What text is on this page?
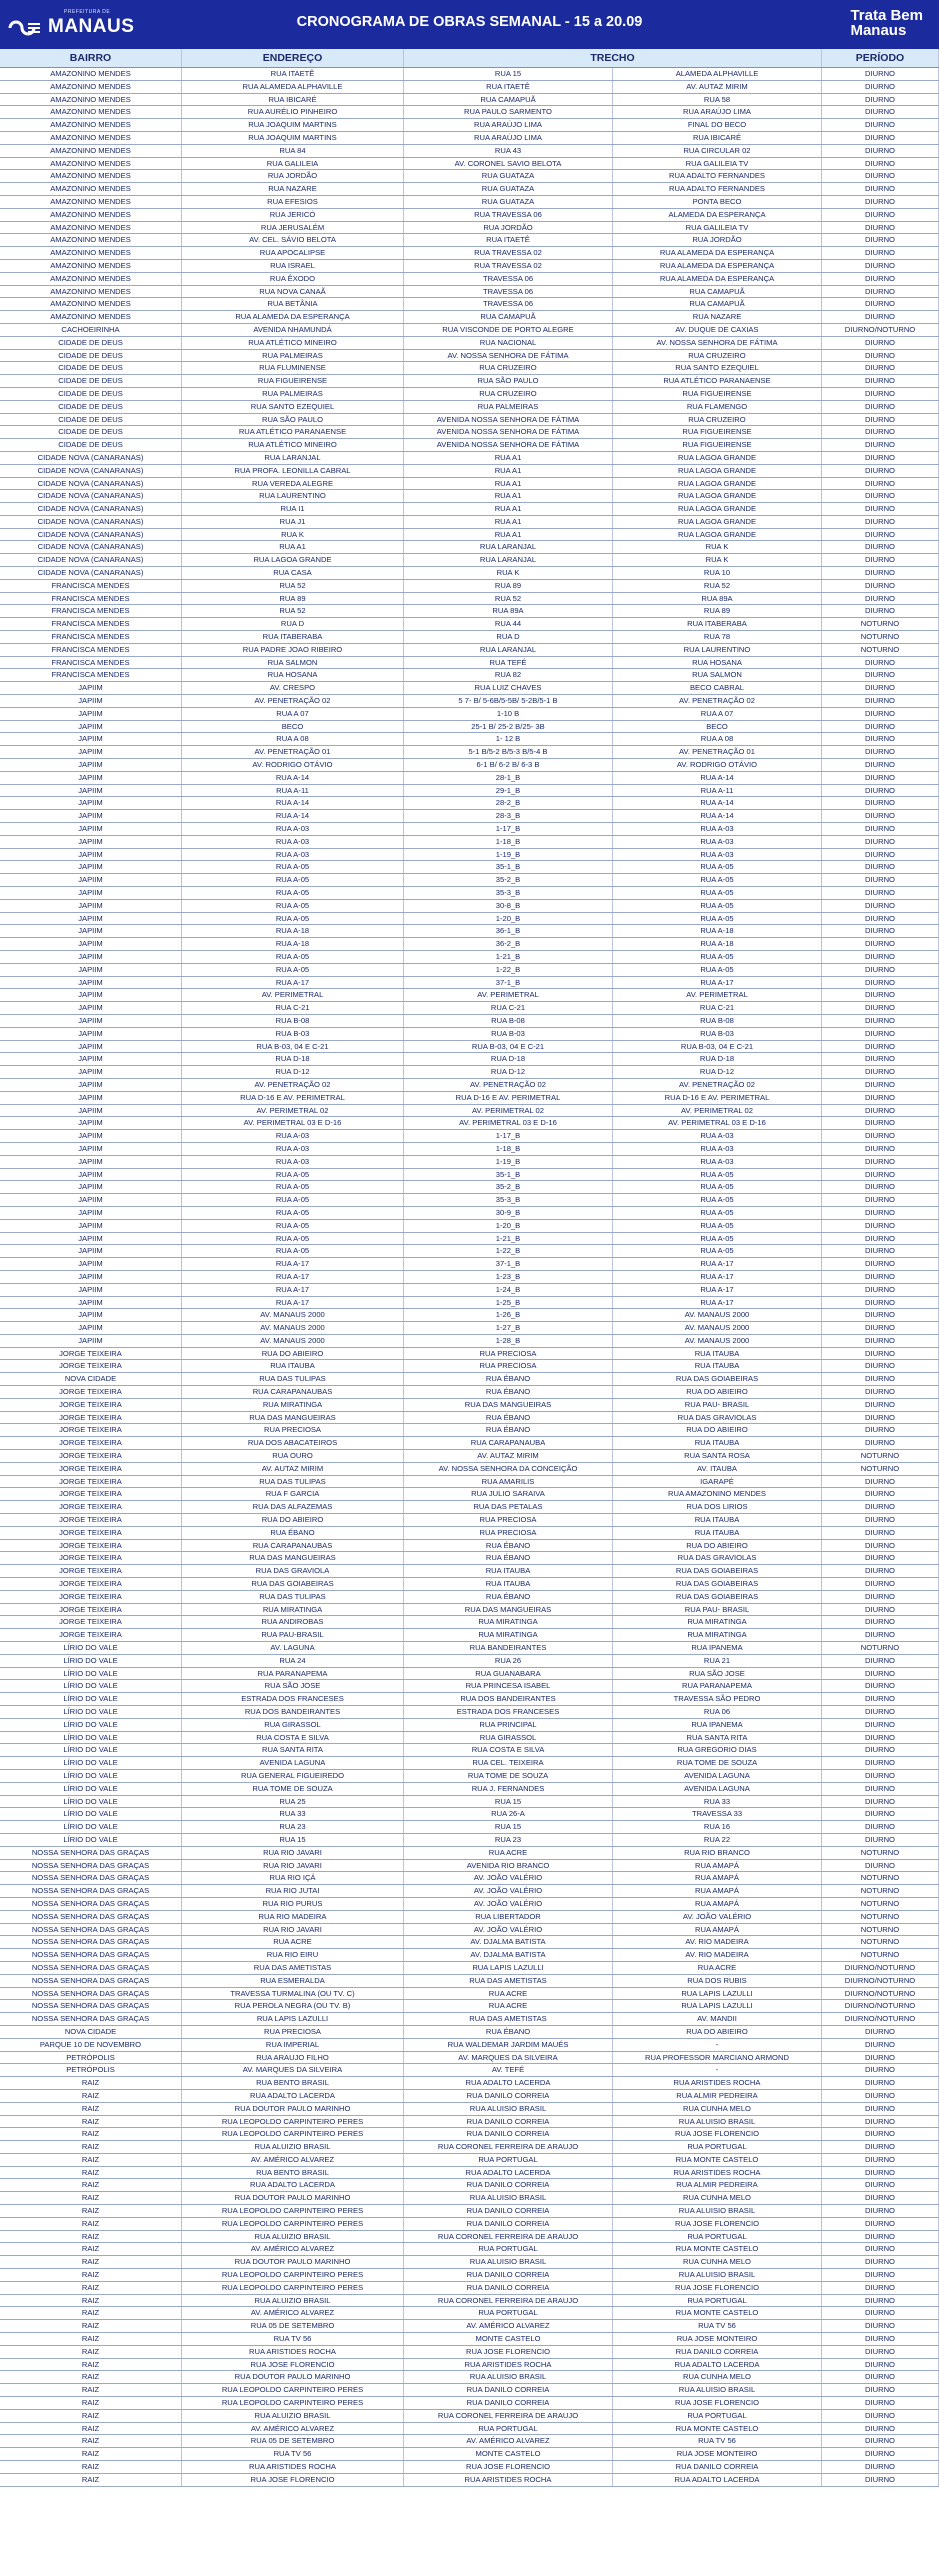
PREFEITURA DE
MANAUS	CRONOGRAMA DE OBRAS SEMANAL - 15 a 20.09	Trata Bem
Manaus
BAIRRO	ENDEREÇO	TRECHO	PERÍODO
AMAZONINO MENDES	RUA ITAETÊ	RUA 15	ALAMEDA ALPHAVILLE	DIURNO
AMAZONINO MENDES	RUA ALAMEDA ALPHAVILLE	RUA ITAETÊ	AV. AUTAZ MIRIM	DIURNO
AMAZONINO MENDES	RUA IBICARÉ	RUA CAMAPUÃ	RUA 58	DIURNO
AMAZONINO MENDES	RUA AURÉLIO PINHEIRO	RUA PAULO SARMENTO	RUA ARAÚJO LIMA	DIURNO
AMAZONINO MENDES	RUA JOAQUIM MARTINS	RUA ARAÚJO LIMA	FINAL DO BECO	DIURNO
AMAZONINO MENDES	RUA JOAQUIM MARTINS	RUA ARAÚJO LIMA	RUA IBICARÉ	DIURNO
AMAZONINO MENDES	RUA 84	RUA 43	RUA CIRCULAR 02	DIURNO
AMAZONINO MENDES	RUA GALILEIA	AV. CORONEL SAVIO BELOTA	RUA GALILEIA TV	DIURNO
AMAZONINO MENDES	RUA JORDÃO	RUA GUATAZA	RUA ADALTO FERNANDES	DIURNO
AMAZONINO MENDES	RUA NAZARE	RUA GUATAZA	RUA ADALTO FERNANDES	DIURNO
AMAZONINO MENDES	RUA EFESIOS	RUA GUATAZA	PONTA BECO	DIURNO
AMAZONINO MENDES	RUA JERICÓ	RUA TRAVESSA 06	ALAMEDA DA ESPERANÇA	DIURNO
AMAZONINO MENDES	RUA JERUSALÉM	RUA JORDÃO	RUA GALILEIA TV	DIURNO
AMAZONINO MENDES	AV. CEL. SÁVIO BELOTA	RUA ITAETÊ	RUA JORDÃO	DIURNO
AMAZONINO MENDES	RUA APOCALIPSE	RUA TRAVESSA 02	RUA ALAMEDA DA ESPERANÇA	DIURNO
AMAZONINO MENDES	RUA ISRAEL	RUA TRAVESSA 02	RUA ALAMEDA DA ESPERANÇA	DIURNO
AMAZONINO MENDES	RUA ÊXODO	TRAVESSA 06	RUA ALAMEDA DA ESPERANÇA	DIURNO
AMAZONINO MENDES	RUA NOVA CANAÃ	TRAVESSA 06	RUA CAMAPUÃ	DIURNO
AMAZONINO MENDES	RUA BETÂNIA	TRAVESSA 06	RUA CAMAPUÃ	DIURNO
AMAZONINO MENDES	RUA ALAMEDA DA ESPERANÇA	RUA CAMAPUÃ	RUA NAZARE	DIURNO
CACHOEIRINHA	AVENIDA NHAMUNDÁ	RUA VISCONDE DE PORTO ALEGRE	AV. DUQUE DE CAXIAS	DIURNO/NOTURNO
CIDADE DE DEUS	RUA ATLÉTICO MINEIRO	RUA NACIONAL	AV. NOSSA SENHORA DE FÁTIMA	DIURNO
CIDADE DE DEUS	RUA PALMEIRAS	AV. NOSSA SENHORA DE FÁTIMA	RUA CRUZEIRO	DIURNO
CIDADE DE DEUS	RUA FLUMINENSE	RUA CRUZEIRO	RUA SANTO EZEQUIEL	DIURNO
CIDADE DE DEUS	RUA FIGUEIRENSE	RUA SÃO PAULO	RUA ATLÉTICO PARANAENSE	DIURNO
CIDADE DE DEUS	RUA PALMEIRAS	RUA CRUZEIRO	RUA FIGUEIRENSE	DIURNO
CIDADE DE DEUS	RUA SANTO EZEQUIEL	RUA PALMEIRAS	RUA FLAMENGO	DIURNO
CIDADE DE DEUS	RUA SÃO PAULO	AVENIDA NOSSA SENHORA DE FÁTIMA	RUA CRUZEIRO	DIURNO
CIDADE DE DEUS	RUA ATLÉTICO PARANAENSE	AVENIDA NOSSA SENHORA DE FÁTIMA	RUA FIGUEIRENSE	DIURNO
CIDADE DE DEUS	RUA ATLÉTICO MINEIRO	AVENIDA NOSSA SENHORA DE FÁTIMA	RUA FIGUEIRENSE	DIURNO
CIDADE NOVA (CANARANAS)	RUA LARANJAL	RUA A1	RUA LAGOA GRANDE	DIURNO
CIDADE NOVA (CANARANAS)	RUA PROFA. LEONILLA CABRAL	RUA A1	RUA LAGOA GRANDE	DIURNO
CIDADE NOVA (CANARANAS)	RUA VEREDA ALEGRE	RUA A1	RUA LAGOA GRANDE	DIURNO
CIDADE NOVA (CANARANAS)	RUA LAURENTINO	RUA A1	RUA LAGOA GRANDE	DIURNO
CIDADE NOVA (CANARANAS)	RUA I1	RUA A1	RUA LAGOA GRANDE	DIURNO
CIDADE NOVA (CANARANAS)	RUA J1	RUA A1	RUA LAGOA GRANDE	DIURNO
CIDADE NOVA (CANARANAS)	RUA K	RUA A1	RUA LAGOA GRANDE	DIURNO
CIDADE NOVA (CANARANAS)	RUA A1	RUA LARANJAL	RUA K	DIURNO
CIDADE NOVA (CANARANAS)	RUA LAGOA GRANDE	RUA LARANJAL	RUA K	DIURNO
CIDADE NOVA (CANARANAS)	RUA CASA	RUA K	RUA 10	DIURNO
FRANCISCA MENDES	RUA 52	RUA 89	RUA 52	DIURNO
FRANCISCA MENDES	RUA 89	RUA 52	RUA 89A	DIURNO
FRANCISCA MENDES	RUA 52	RUA 89A	RUA 89	DIURNO
FRANCISCA MENDES	RUA D	RUA 44	RUA ITABERABA	NOTURNO
FRANCISCA MENDES	RUA ITABERABA	RUA D	RUA 78	NOTURNO
FRANCISCA MENDES	RUA PADRE JOAO RIBEIRO	RUA LARANJAL	RUA LAURENTINO	NOTURNO
FRANCISCA MENDES	RUA SALMON	RUA TEFÉ	RUA HOSANA	DIURNO
FRANCISCA MENDES	RUA HOSANA	RUA 82	RUA SALMON	DIURNO
JAPIIM	AV. CRESPO	RUA LUIZ CHAVES	BECO CABRAL	DIURNO
JAPIIM	AV. PENETRAÇÃO 02	5 7- B/ 5-6B/5-5B/ 5-2B/5-1 B	AV. PENETRAÇÃO 02	DIURNO
JAPIIM	RUA A 07	1-10 B	RUA A 07	DIURNO
JAPIIM	BECO	25-1 B/ 25-2 B/25- 3B	BECO	DIURNO
JAPIIM	RUA A 08	1- 12 B	RUA A 08	DIURNO
JAPIIM	AV. PENETRAÇÃO 01	5-1 B/5-2 B/5-3 B/5-4 B	AV. PENETRAÇÃO 01	DIURNO
JAPIIM	AV. RODRIGO OTÁVIO	6-1 B/ 6-2 B/ 6-3 B	AV. RODRIGO OTÁVIO	DIURNO
JAPIIM	RUA A-14	28-1_B	RUA A-14	DIURNO
JAPIIM	RUA A-11	29-1_B	RUA A-11	DIURNO
JAPIIM	RUA A-14	28-2_B	RUA A-14	DIURNO
JAPIIM	RUA A-14	28-3_B	RUA A-14	DIURNO
JAPIIM	RUA A-03	1-17_B	RUA A-03	DIURNO
JAPIIM	RUA A-03	1-18_B	RUA A-03	DIURNO
JAPIIM	RUA A-03	1-19_B	RUA A-03	DIURNO
JAPIIM	RUA A-05	35-1_B	RUA A-05	DIURNO
JAPIIM	RUA A-05	35-2_B	RUA A-05	DIURNO
JAPIIM	RUA A-05	35-3_B	RUA A-05	DIURNO
JAPIIM	RUA A-05	30-8_B	RUA A-05	DIURNO
JAPIIM	RUA A-05	1-20_B	RUA A-05	DIURNO
JAPIIM	RUA A-18	36-1_B	RUA A-18	DIURNO
JAPIIM	RUA A-18	36-2_B	RUA A-18	DIURNO
JAPIIM	RUA A-05	1-21_B	RUA A-05	DIURNO
JAPIIM	RUA A-05	1-22_B	RUA A-05	DIURNO
JAPIIM	RUA A-17	37-1_B	RUA A-17	DIURNO
JAPIIM	AV. PERIMETRAL	AV. PERIMETRAL	AV. PERIMETRAL	DIURNO
JAPIIM	RUA C-21	RUA C-21	RUA C-21	DIURNO
JAPIIM	RUA B-08	RUA B-08	RUA B-08	DIURNO
JAPIIM	RUA B-03	RUA B-03	RUA B-03	DIURNO
JAPIIM	RUA B-03, 04 E C-21	RUA B-03, 04 E C-21	RUA B-03, 04 E C-21	DIURNO
JAPIIM	RUA D-18	RUA D-18	RUA D-18	DIURNO
JAPIIM	RUA D-12	RUA D-12	RUA D-12	DIURNO
JAPIIM	AV. PENETRAÇÃO 02	AV. PENETRAÇÃO 02	AV. PENETRAÇÃO 02	DIURNO
JAPIIM	RUA D-16 E AV. PERIMETRAL	RUA D-16 E AV. PERIMETRAL	RUA D-16 E AV. PERIMETRAL	DIURNO
JAPIIM	AV. PERIMETRAL 02	AV. PERIMETRAL 02	AV. PERIMETRAL 02	DIURNO
JAPIIM	AV. PERIMETRAL 03 E D-16	AV. PERIMETRAL 03 E D-16	AV. PERIMETRAL 03 E D-16	DIURNO
JAPIIM	RUA A-03	1-17_B	RUA A-03	DIURNO
JAPIIM	RUA A-03	1-18_B	RUA A-03	DIURNO
JAPIIM	RUA A-03	1-19_B	RUA A-03	DIURNO
JAPIIM	RUA A-05	35-1_B	RUA A-05	DIURNO
JAPIIM	RUA A-05	35-2_B	RUA A-05	DIURNO
JAPIIM	RUA A-05	35-3_B	RUA A-05	DIURNO
JAPIIM	RUA A-05	30-9_B	RUA A-05	DIURNO
JAPIIM	RUA A-05	1-20_B	RUA A-05	DIURNO
JAPIIM	RUA A-05	1-21_B	RUA A-05	DIURNO
JAPIIM	RUA A-05	1-22_B	RUA A-05	DIURNO
JAPIIM	RUA A-17	37-1_B	RUA A-17	DIURNO
JAPIIM	RUA A-17	1-23_B	RUA A-17	DIURNO
JAPIIM	RUA A-17	1-24_B	RUA A-17	DIURNO
JAPIIM	RUA A-17	1-25_B	RUA A-17	DIURNO
JAPIIM	AV. MANAUS 2000	1-26_B	AV. MANAUS 2000	DIURNO
JAPIIM	AV. MANAUS 2000	1-27_B	AV. MANAUS 2000	DIURNO
JAPIIM	AV. MANAUS 2000	1-28_B	AV. MANAUS 2000	DIURNO
JORGE TEIXEIRA	RUA DO ABIEIRO	RUA PRECIOSA	RUA ITAUBA	DIURNO
JORGE TEIXEIRA	RUA ITAUBA	RUA PRECIOSA	RUA ITAUBA	DIURNO
NOVA CIDADE	RUA DAS TULIPAS	RUA ÉBANO	RUA DAS GOIABEIRAS	DIURNO
JORGE TEIXEIRA	RUA CARAPANAUBAS	RUA ÉBANO	RUA DO ABIEIRO	DIURNO
JORGE TEIXEIRA	RUA MIRATINGA	RUA DAS MANGUEIRAS	RUA PAU- BRASIL	DIURNO
JORGE TEIXEIRA	RUA DAS MANGUEIRAS	RUA ÉBANO	RUA DAS GRAVIOLAS	DIURNO
JORGE TEIXEIRA	RUA PRECIOSA	RUA ÉBANO	RUA DO ABIEIRO	DIURNO
JORGE TEIXEIRA	RUA DOS ABACATEIROS	RUA CARAPANAUBA	RUA ITAUBA	DIURNO
JORGE TEIXEIRA	RUA OURO	AV. AUTAZ MIRIM	RUA SANTA ROSA	NOTURNO
JORGE TEIXEIRA	AV. AUTAZ MIRIM	AV. NOSSA SENHORA DA CONCEIÇÃO	AV. ITAUBA	NOTURNO
JORGE TEIXEIRA	RUA DAS TULIPAS	RUA AMARILIS	IGARAPÉ	DIURNO
JORGE TEIXEIRA	RUA F GARCIA	RUA JULIO SARAIVA	RUA AMAZONINO MENDES	DIURNO
JORGE TEIXEIRA	RUA DAS ALFAZEMAS	RUA DAS PETALAS	RUA DOS LIRIOS	DIURNO
JORGE TEIXEIRA	RUA DO ABIEIRO	RUA PRECIOSA	RUA ITAUBA	DIURNO
JORGE TEIXEIRA	RUA ÉBANO	RUA PRECIOSA	RUA ITAUBA	DIURNO
JORGE TEIXEIRA	RUA CARAPANAUBAS	RUA ÉBANO	RUA DO ABIEIRO	DIURNO
JORGE TEIXEIRA	RUA DAS MANGUEIRAS	RUA ÉBANO	RUA DAS GRAVIOLAS	DIURNO
JORGE TEIXEIRA	RUA DAS GRAVIOLA	RUA ITAUBA	RUA DAS GOIABEIRAS	DIURNO
JORGE TEIXEIRA	RUA DAS GOIABEIRAS	RUA ITAUBA	RUA DAS GOIABEIRAS	DIURNO
JORGE TEIXEIRA	RUA DAS TULIPAS	RUA ÉBANO	RUA DAS GOIABEIRAS	DIURNO
JORGE TEIXEIRA	RUA MIRATINGA	RUA DAS MANGUEIRAS	RUA PAU- BRASIL	DIURNO
JORGE TEIXEIRA	RUA ANDIROBAS	RUA MIRATINGA	RUA MIRATINGA	DIURNO
JORGE TEIXEIRA	RUA PAU-BRASIL	RUA MIRATINGA	RUA MIRATINGA	DIURNO
LÍRIO DO VALE	AV. LAGUNA	RUA BANDEIRANTES	RUA IPANEMA	NOTURNO
LÍRIO DO VALE	RUA 24	RUA 26	RUA 21	DIURNO
LÍRIO DO VALE	RUA PARANAPEMA	RUA GUANABARA	RUA SÃO JOSE	DIURNO
LÍRIO DO VALE	RUA SÃO JOSE	RUA PRINCESA ISABEL	RUA PARANAPEMA	DIURNO
LÍRIO DO VALE	ESTRADA DOS FRANCESES	RUA DOS BANDEIRANTES	TRAVESSA SÃO PEDRO	DIURNO
LÍRIO DO VALE	RUA DOS BANDEIRANTES	ESTRADA DOS FRANCESES	RUA 06	DIURNO
LÍRIO DO VALE	RUA GIRASSOL	RUA PRINCIPAL	RUA IPANEMA	DIURNO
LÍRIO DO VALE	RUA COSTA E SILVA	RUA GIRASSOL	RUA SANTA RITA	DIURNO
LÍRIO DO VALE	RUA SANTA RITA	RUA COSTA E SILVA	RUA GREGORIO DIAS	DIURNO
LÍRIO DO VALE	AVENIDA LAGUNA	RUA CEL. TEIXEIRA	RUA TOME DE SOUZA	DIURNO
LÍRIO DO VALE	RUA GENERAL FIGUEIREDO	RUA TOME DE SOUZA	AVENIDA LAGUNA	DIURNO
LÍRIO DO VALE	RUA TOME DE SOUZA	RUA J. FERNANDES	AVENIDA LAGUNA	DIURNO
LÍRIO DO VALE	RUA 25	RUA 15	RUA 33	DIURNO
LÍRIO DO VALE	RUA 33	RUA 26-A	TRAVESSA 33	DIURNO
LÍRIO DO VALE	RUA 23	RUA 15	RUA 16	DIURNO
LÍRIO DO VALE	RUA 15	RUA 23	RUA 22	DIURNO
NOSSA SENHORA DAS GRAÇAS	RUA RIO JAVARI	RUA ACRE	RUA RIO BRANCO	NOTURNO
NOSSA SENHORA DAS GRAÇAS	RUA RIO JAVARI	AVENIDA RIO BRANCO	RUA AMAPÁ	DIURNO
NOSSA SENHORA DAS GRAÇAS	RUA RIO IÇÁ	AV. JOÃO VALÉRIO	RUA AMAPÁ	NOTURNO
NOSSA SENHORA DAS GRAÇAS	RUA RIO JUTAI	AV. JOÃO VALÉRIO	RUA AMAPÁ	NOTURNO
NOSSA SENHORA DAS GRAÇAS	RUA RIO PURUS	AV. JOÃO VALÉRIO	RUA AMAPÁ	NOTURNO
NOSSA SENHORA DAS GRAÇAS	RUA RIO MADEIRA	RUA LIBERTADOR	AV. JOÃO VALÉRIO	NOTURNO
NOSSA SENHORA DAS GRAÇAS	RUA RIO JAVARI	AV. JOÃO VALÉRIO	RUA AMAPÁ	NOTURNO
NOSSA SENHORA DAS GRAÇAS	RUA ACRE	AV. DJALMA BATISTA	AV. RIO MADEIRA	NOTURNO
NOSSA SENHORA DAS GRAÇAS	RUA RIO EIRU	AV. DJALMA BATISTA	AV. RIO MADEIRA	NOTURNO
NOSSA SENHORA DAS GRAÇAS	RUA DAS AMETISTAS	RUA LAPIS LAZULLI	RUA ACRE	DIURNO/NOTURNO
NOSSA SENHORA DAS GRAÇAS	RUA ESMERALDA	RUA DAS AMETISTAS	RUA DOS RUBIS	DIURNO/NOTURNO
NOSSA SENHORA DAS GRAÇAS	TRAVESSA TURMALINA (OU TV. C)	RUA ACRE	RUA LAPIS LAZULLI	DIURNO/NOTURNO
NOSSA SENHORA DAS GRAÇAS	RUA PEROLA NEGRA (OU TV. B)	RUA ACRE	RUA LAPIS LAZULLI	DIURNO/NOTURNO
NOSSA SENHORA DAS GRAÇAS	RUA LAPIS LAZULLI	RUA DAS AMETISTAS	AV. MANDII	DIURNO/NOTURNO
NOVA CIDADE	RUA PRECIOSA	RUA ÉBANO	RUA DO ABIEIRO	DIURNO
PARQUE 10 DE NOVEMBRO	RUA IMPERIAL	RUA WALDEMAR JARDIM MAUÉS	-	DIURNO
PETRÓPOLIS	RUA ARAUJO FILHO	AV. MARQUES DA SILVEIRA	RUA PROFESSOR MARCIANO ARMOND	DIURNO
PETRÓPOLIS	AV. MARQUES DA SILVEIRA	AV. TEFÉ	-	DIURNO
RAIZ	RUA BENTO BRASIL	RUA ADALTO LACERDA	RUA ARISTIDES ROCHA	DIURNO
RAIZ	RUA ADALTO LACERDA	RUA DANILO CORREIA	RUA ALMIR PEDREIRA	DIURNO
RAIZ	RUA DOUTOR PAULO MARINHO	RUA ALUISIO BRASIL	RUA CUNHA MELO	DIURNO
RAIZ	RUA LEOPOLDO CARPINTEIRO PERES	RUA DANILO CORREIA	RUA ALUISIO BRASIL	DIURNO
RAIZ	RUA LEOPOLDO CARPINTEIRO PERES	RUA DANILO CORREIA	RUA JOSE FLORENCIO	DIURNO
RAIZ	RUA ALUIZIO BRASIL	RUA CORONEL FERREIRA DE ARAUJO	RUA PORTUGAL	DIURNO
RAIZ	AV. AMÉRICO ALVAREZ	RUA PORTUGAL	RUA MONTE CASTELO	DIURNO
RAIZ	RUA BENTO BRASIL	RUA ADALTO LACERDA	RUA ARISTIDES ROCHA	DIURNO
RAIZ	RUA ADALTO LACERDA	RUA DANILO CORREIA	RUA ALMIR PEDREIRA	DIURNO
RAIZ	RUA DOUTOR PAULO MARINHO	RUA ALUISIO BRASIL	RUA CUNHA MELO	DIURNO
RAIZ	RUA LEOPOLDO CARPINTEIRO PERES	RUA DANILO CORREIA	RUA ALUISIO BRASIL	DIURNO
RAIZ	RUA LEOPOLDO CARPINTEIRO PERES	RUA DANILO CORREIA	RUA JOSE FLORENCIO	DIURNO
RAIZ	RUA ALUIZIO BRASIL	RUA CORONEL FERREIRA DE ARAUJO	RUA PORTUGAL	DIURNO
RAIZ	AV. AMÉRICO ALVAREZ	RUA PORTUGAL	RUA MONTE CASTELO	DIURNO
RAIZ	RUA DOUTOR PAULO MARINHO	RUA ALUISIO BRASIL	RUA CUNHA MELO	DIURNO
RAIZ	RUA LEOPOLDO CARPINTEIRO PERES	RUA DANILO CORREIA	RUA ALUISIO BRASIL	DIURNO
RAIZ	RUA LEOPOLDO CARPINTEIRO PERES	RUA DANILO CORREIA	RUA JOSE FLORENCIO	DIURNO
RAIZ	RUA ALUIZIO BRASIL	RUA CORONEL FERREIRA DE ARAUJO	RUA PORTUGAL	DIURNO
RAIZ	AV. AMÉRICO ALVAREZ	RUA PORTUGAL	RUA MONTE CASTELO	DIURNO
RAIZ	RUA 05 DE SETEMBRO	AV. AMÉRICO ALVAREZ	RUA TV 56	DIURNO
RAIZ	RUA TV 56	MONTE CASTELO	RUA JOSE MONTEIRO	DIURNO
RAIZ	RUA ARISTIDES ROCHA	RUA JOSE FLORENCIO	RUA DANILO CORREIA	DIURNO
RAIZ	RUA JOSE FLORENCIO	RUA ARISTIDES ROCHA	RUA ADALTO LACERDA	DIURNO
RAIZ	RUA DOUTOR PAULO MARINHO	RUA ALUISIO BRASIL	RUA CUNHA MELO	DIURNO
RAIZ	RUA LEOPOLDO CARPINTEIRO PERES	RUA DANILO CORREIA	RUA ALUISIO BRASIL	DIURNO
RAIZ	RUA LEOPOLDO CARPINTEIRO PERES	RUA DANILO CORREIA	RUA JOSE FLORENCIO	DIURNO
RAIZ	RUA ALUIZIO BRASIL	RUA CORONEL FERREIRA DE ARAUJO	RUA PORTUGAL	DIURNO
RAIZ	AV. AMÉRICO ALVAREZ	RUA PORTUGAL	RUA MONTE CASTELO	DIURNO
RAIZ	RUA 05 DE SETEMBRO	AV. AMÉRICO ALVAREZ	RUA TV 56	DIURNO
RAIZ	RUA TV 56	MONTE CASTELO	RUA JOSE MONTEIRO	DIURNO
RAIZ	RUA ARISTIDES ROCHA	RUA JOSE FLORENCIO	RUA DANILO CORREIA	DIURNO
RAIZ	RUA JOSE FLORENCIO	RUA ARISTIDES ROCHA	RUA ADALTO LACERDA	DIURNO
